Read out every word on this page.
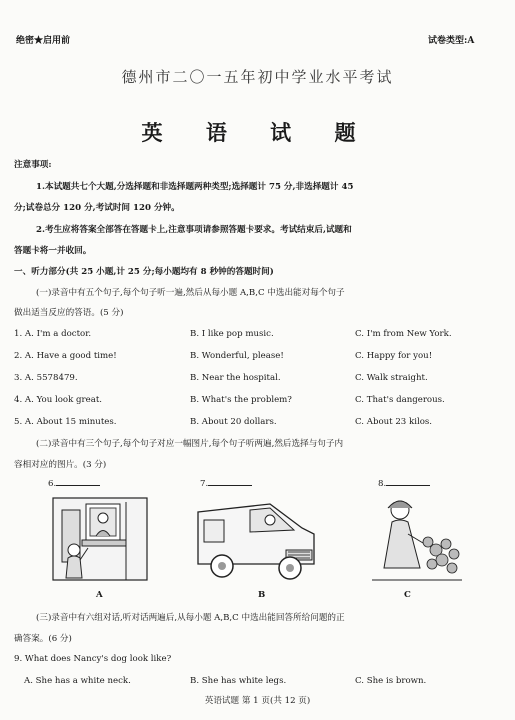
绝密★启用前	试卷类型:A
德州市二〇一五年初中学业水平考试
英 语 试 题
注意事项:
1.本试题共七个大题,分选择题和非选择题两种类型;选择题计 75 分,非选择题计 45
分;试卷总分 120 分,考试时间 120 分钟。
2.考生应将答案全部答在答题卡上,注意事项请参照答题卡要求。考试结束后,试题和
答题卡将一并收回。
一、听力部分(共 25 小题,计 25 分;每小题均有 8 秒钟的答题时间)
(一)录音中有五个句子,每个句子听一遍,然后从每小题 A,B,C 中选出能对每个句子
做出适当反应的答语。(5 分)
1. A. I'm a doctor.	B. I like pop music.	C. I'm from New York.
2. A. Have a good time!	B. Wonderful, please!	C. Happy for you!
3. A. 5578479.	B. Near the hospital.	C. Walk straight.
4. A. You look great.	B. What's the problem?	C. That's dangerous.
5. A. About 15 minutes.	B. About 20 dollars.	C. About 23 kilos.
(二)录音中有三个句子,每个句子对应一幅图片,每个句子听两遍,然后选择与句子内
容相对应的图片。(3 分)
6.	7.	8.
A	B	C
(三)录音中有六组对话,听对话两遍后,从每小题 A,B,C 中选出能回答所给问题的正
确答案。(6 分)
9. What does Nancy's dog look like?
A. She has a white neck.	B. She has white legs.	C. She is brown.
英语试题 第 1 页(共 12 页)
